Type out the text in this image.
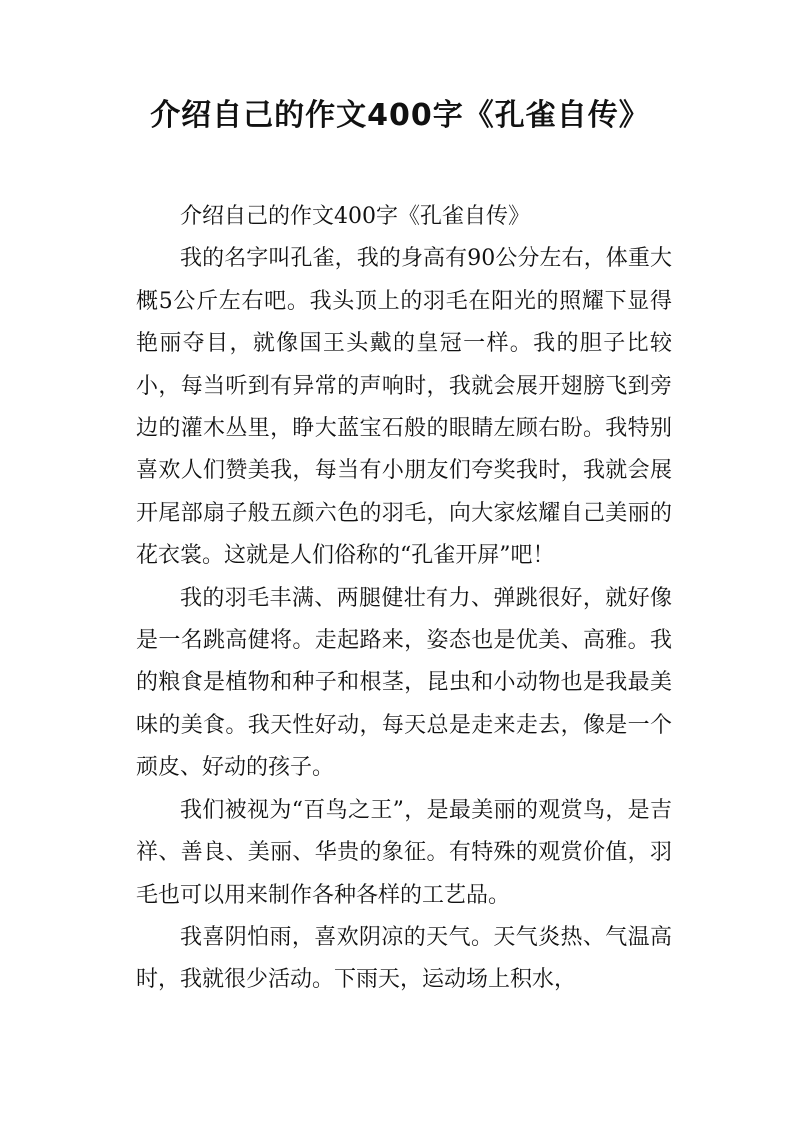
介绍自己的作文400字《孔雀自传》

介绍自己的作文400字《孔雀自传》

我的名字叫孔雀，我的身高有90公分左右，体重大概5公斤左右吧。我头顶上的羽毛在阳光的照耀下显得艳丽夺目，就像国王头戴的皇冠一样。我的胆子比较小，每当听到有异常的声响时，我就会展开翅膀飞到旁边的灌木丛里，睁大蓝宝石般的眼睛左顾右盼。我特别喜欢人们赞美我，每当有小朋友们夸奖我时，我就会展开尾部扇子般五颜六色的羽毛，向大家炫耀自己美丽的花衣裳。这就是人们俗称的“孔雀开屏”吧！

我的羽毛丰满、两腿健壮有力、弹跳很好，就好像是一名跳高健将。走起路来，姿态也是优美、高雅。我的粮食是植物和种子和根茎，昆虫和小动物也是我最美味的美食。我天性好动，每天总是走来走去，像是一个顽皮、好动的孩子。

我们被视为“百鸟之王”，是最美丽的观赏鸟，是吉祥、善良、美丽、华贵的象征。有特殊的观赏价值，羽毛也可以用来制作各种各样的工艺品。

我喜阴怕雨，喜欢阴凉的天气。天气炎热、气温高时，我就很少活动。下雨天，运动场上积水，
